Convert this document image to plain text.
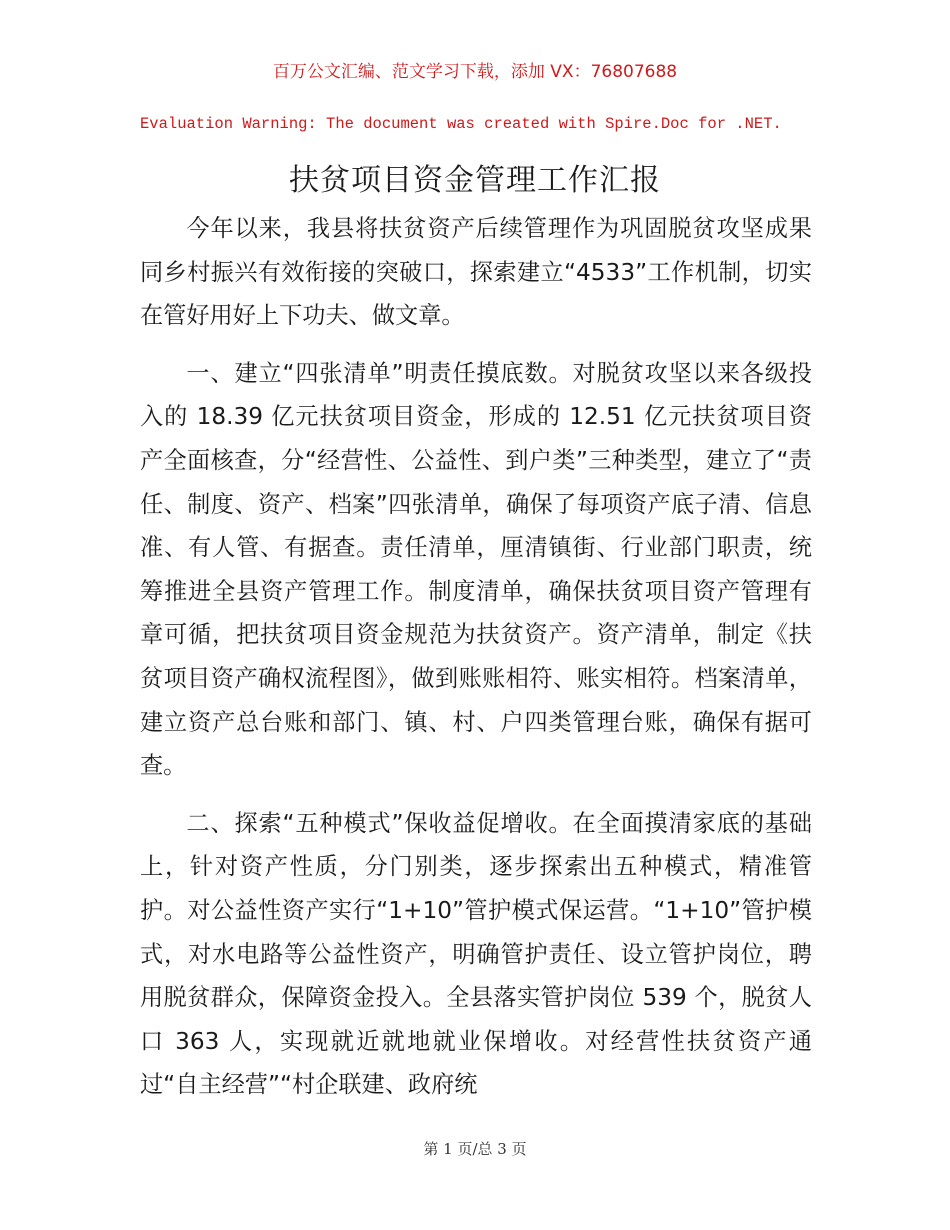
百万公文汇编、范文学习下载，添加 VX：76807688
Evaluation Warning: The document was created with Spire.Doc for .NET.
扶贫项目资金管理工作汇报

今年以来，我县将扶贫资产后续管理作为巩固脱贫攻坚成果同乡村振兴有效衔接的突破口，探索建立“4533”工作机制，切实在管好用好上下功夫、做文章。

一、建立“四张清单”明责任摸底数。对脱贫攻坚以来各级投入的 18.39 亿元扶贫项目资金，形成的 12.51 亿元扶贫项目资产全面核查，分“经营性、公益性、到户类”三种类型，建立了“责任、制度、资产、档案”四张清单，确保了每项资产底子清、信息准、有人管、有据查。责任清单，厘清镇街、行业部门职责，统筹推进全县资产管理工作。制度清单，确保扶贫项目资产管理有章可循，把扶贫项目资金规范为扶贫资产。资产清单，制定《扶贫项目资产确权流程图》，做到账账相符、账实相符。档案清单，建立资产总台账和部门、镇、村、户四类管理台账，确保有据可查。

二、探索“五种模式”保收益促增收。在全面摸清家底的基础上，针对资产性质，分门别类，逐步探索出五种模式，精准管护。对公益性资产实行“1+10”管护模式保运营。“1+10”管护模式，对水电路等公益性资产，明确管护责任、设立管护岗位，聘用脱贫群众，保障资金投入。全县落实管护岗位 539 个，脱贫人口 363 人，实现就近就地就业保增收。对经营性扶贫资产通过“自主经营”“村企联建、政府统

第 1 页/总 3 页
